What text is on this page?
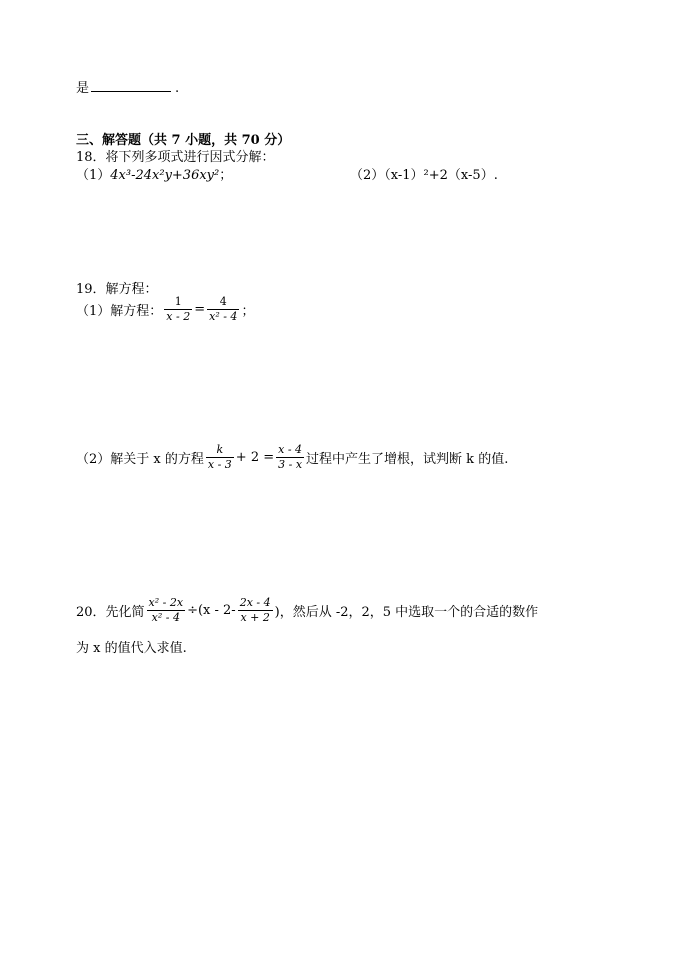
是	.
三、解答题（共 7 小题，共 70 分）
18．将下列多项式进行因式分解：
（1）4x³-24x²y+36xy²；	（2）（x-1）²+2（x-5）.
19．解方程：
（1）解方程： $\frac{1}{x - 2} = \frac{4}{\text{x² - 4}}$ ；
（2）解关于 x 的方程 $\frac{k}{x - 3} + 2 = \frac{x - 4}{3 - x}$ 过程中产生了增根，试判断 k 的值.
20．先化简 $\frac{\text{x² - 2x}}{\text{x² - 4}} \div(x - 2- \frac{2x - 4}{x + 2}$ )，然后从 -2，2，5 中选取一个的合适的数作
为 x 的值代入求值.
